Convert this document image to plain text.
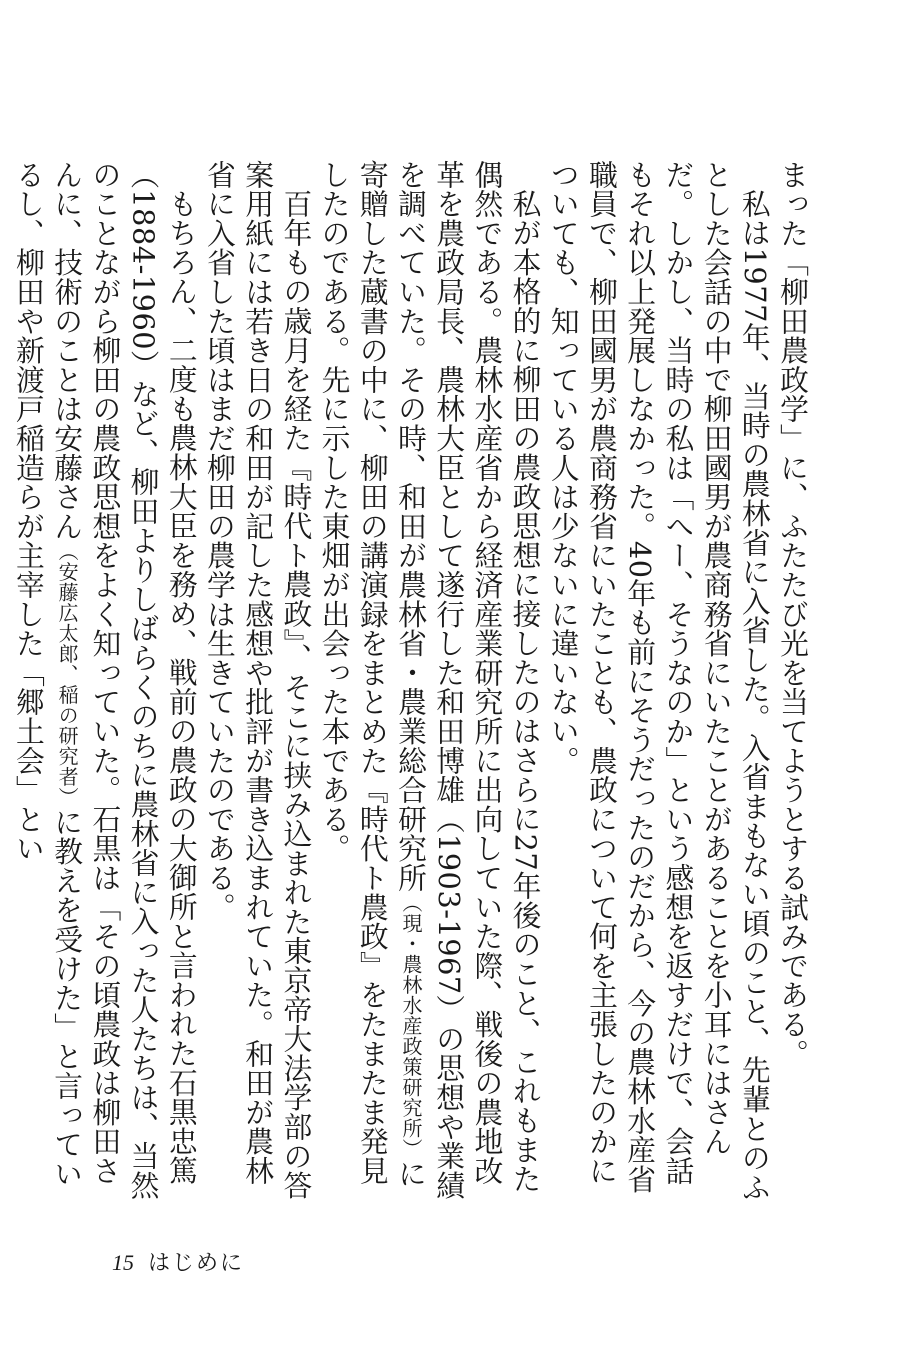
まった「柳田農政学」に、ふたたび光を当てようとする試みである。

私は1977年、当時の農林省に入省した。入省まもない頃のこと、先輩とのふとした会話の中で柳田國男が農商務省にいたことがあることを小耳にはさんだ。しかし、当時の私は「へー、そうなのか」という感想を返すだけで、会話もそれ以上発展しなかった。40年も前にそうだったのだから、今の農林水産省職員で、柳田國男が農商務省にいたことも、農政について何を主張したのかについても、知っている人は少ないに違いない。

私が本格的に柳田の農政思想に接したのはさらに27年後のこと、これもまた偶然である。農林水産省から経済産業研究所に出向していた際、戦後の農地改革を農政局長、農林大臣として遂行した和田博雄（1903-1967）の思想や業績を調べていた。その時、和田が農林省・農業総合研究所（現・農林水産政策研究所）に寄贈した蔵書の中に、柳田の講演録をまとめた『時代ト農政』をたまたま発見したのである。先に示した東畑が出会った本である。

百年もの歳月を経た『時代ト農政』、そこに挟み込まれた東京帝大法学部の答案用紙には若き日の和田が記した感想や批評が書き込まれていた。和田が農林省に入省した頃はまだ柳田の農学は生きていたのである。

もちろん、二度も農林大臣を務め、戦前の農政の大御所と言われた石黒忠篤（1884-1960）など、柳田よりしばらくのちに農林省に入った人たちは、当然のことながら柳田の農政思想をよく知っていた。石黒は「その頃農政は柳田さんに、技術のことは安藤さん（安藤広太郎、稲の研究者）に教えを受けた」と言っているし、柳田や新渡戸稲造らが主宰した「郷土会」とい

15 はじめに
